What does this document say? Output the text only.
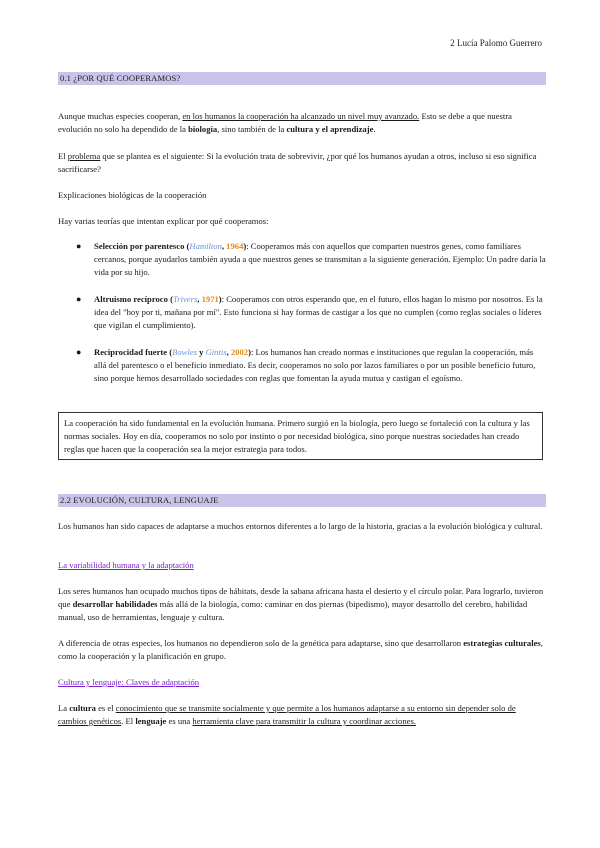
2 Lucía Palomo Guerrero
0.1 ¿POR QUÉ COOPERAMOS?
Aunque muchas especies cooperan, en los humanos la cooperación ha alcanzado un nivel muy avanzado. Esto se debe a que nuestra evolución no solo ha dependido de la biología, sino también de la cultura y el aprendizaje.
El problema que se plantea es el siguiente: Si la evolución trata de sobrevivir, ¿por qué los humanos ayudan a otros, incluso si eso significa sacrificarse?
Explicaciones biológicas de la cooperación
Hay varias teorías que intentan explicar por qué cooperamos:
● Selección por parentesco (Hamilton, 1964): Cooperamos más con aquellos que comparten nuestros genes, como familiares cercanos, porque ayudarlos también ayuda a que nuestros genes se transmitan a la siguiente generación. Ejemplo: Un padre daría la vida por su hijo.
● Altruismo recíproco (Trivers, 1971): Cooperamos con otros esperando que, en el futuro, ellos hagan lo mismo por nosotros. Es la idea del "hoy por ti, mañana por mí". Esto funciona si hay formas de castigar a los que no cumplen (como reglas sociales o líderes que vigilan el cumplimiento).
● Reciprocidad fuerte (Bowles y Gintis, 2002): Los humanos han creado normas e instituciones que regulan la cooperación, más allá del parentesco o el beneficio inmediato. Es decir, cooperamos no solo por lazos familiares o por un posible beneficio futuro, sino porque hemos desarrollado sociedades con reglas que fomentan la ayuda mutua y castigan el egoísmo.
La cooperación ha sido fundamental en la evolución humana. Primero surgió en la biología, pero luego se fortaleció con la cultura y las normas sociales. Hoy en día, cooperamos no solo por instinto o por necesidad biológica, sino porque nuestras sociedades han creado reglas que hacen que la cooperación sea la mejor estrategia para todos.
2.2 EVOLUCIÓN, CULTURA, LENGUAJE
Los humanos han sido capaces de adaptarse a muchos entornos diferentes a lo largo de la historia, gracias a la evolución biológica y cultural.
La variabilidad humana y la adaptación
Los seres humanos han ocupado muchos tipos de hábitats, desde la sabana africana hasta el desierto y el círculo polar. Para lograrlo, tuvieron que desarrollar habilidades más allá de la biología, como: caminar en dos piernas (bipedismo), mayor desarrollo del cerebro, habilidad manual, uso de herramientas, lenguaje y cultura.
A diferencia de otras especies, los humanos no dependieron solo de la genética para adaptarse, sino que desarrollaron estrategias culturales, como la cooperación y la planificación en grupo.
Cultura y lenguaje: Claves de adaptación
La cultura es el conocimiento que se transmite socialmente y que permite a los humanos adaptarse a su entorno sin depender solo de cambios genéticos. El lenguaje es una herramienta clave para transmitir la cultura y coordinar acciones.
